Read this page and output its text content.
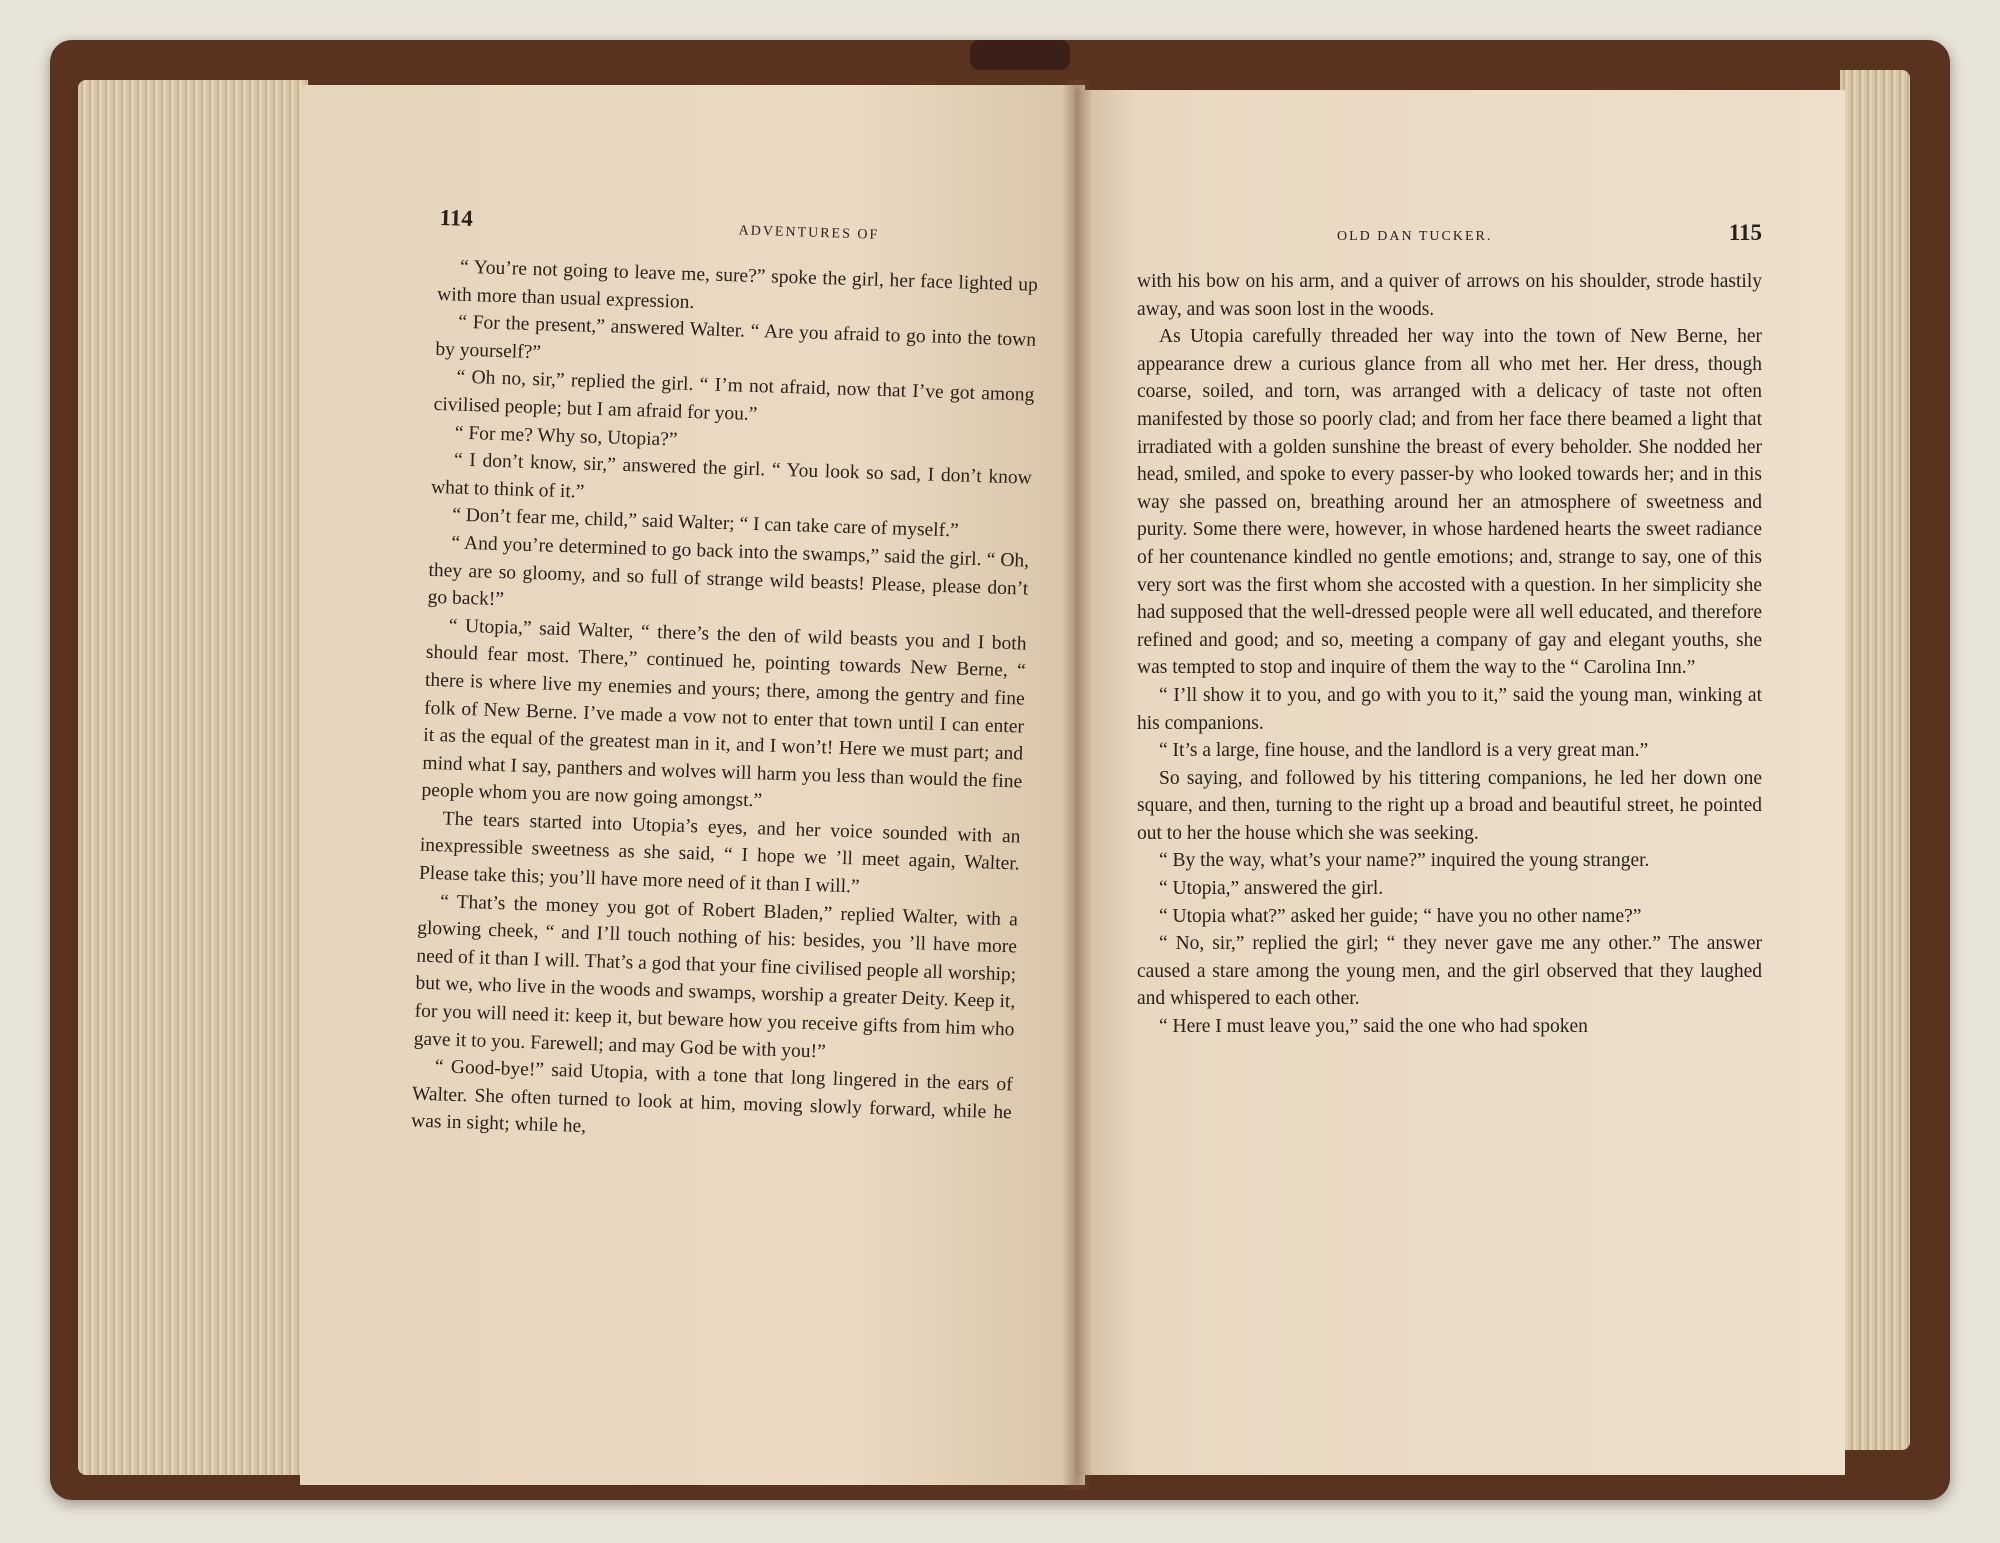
114
ADVENTURES OF

“ You’re not going to leave me, sure?” spoke the girl, her face lighted up with more than usual expression.

“ For the present,” answered Walter. “ Are you afraid to go into the town by yourself?”

“ Oh no, sir,” replied the girl. “ I’m not afraid, now that I’ve got among civilised people; but I am afraid for you.”

“ For me? Why so, Utopia?”

“ I don’t know, sir,” answered the girl. “ You look so sad, I don’t know what to think of it.”

“ Don’t fear me, child,” said Walter; “ I can take care of myself.”

“ And you’re determined to go back into the swamps,” said the girl. “ Oh, they are so gloomy, and so full of strange wild beasts! Please, please don’t go back!”

“ Utopia,” said Walter, “ there’s the den of wild beasts you and I both should fear most. There,” continued he, pointing towards New Berne, “ there is where live my enemies and yours; there, among the gentry and fine folk of New Berne. I’ve made a vow not to enter that town until I can enter it as the equal of the greatest man in it, and I won’t! Here we must part; and mind what I say, panthers and wolves will harm you less than would the fine people whom you are now going amongst.”

The tears started into Utopia’s eyes, and her voice sounded with an inexpressible sweetness as she said, “ I hope we ’ll meet again, Walter. Please take this; you’ll have more need of it than I will.”

“ That’s the money you got of Robert Bladen,” replied Walter, with a glowing cheek, “ and I’ll touch nothing of his: besides, you ’ll have more need of it than I will. That’s a god that your fine civilised people all worship; but we, who live in the woods and swamps, worship a greater Deity. Keep it, for you will need it: keep it, but beware how you receive gifts from him who gave it to you. Farewell; and may God be with you!”

“ Good-bye!” said Utopia, with a tone that long lingered in the ears of Walter. She often turned to look at him, moving slowly forward, while he was in sight; while he,

OLD DAN TUCKER.	115

with his bow on his arm, and a quiver of arrows on his shoulder, strode hastily away, and was soon lost in the woods.

As Utopia carefully threaded her way into the town of New Berne, her appearance drew a curious glance from all who met her. Her dress, though coarse, soiled, and torn, was arranged with a delicacy of taste not often manifested by those so poorly clad; and from her face there beamed a light that irradiated with a golden sunshine the breast of every beholder. She nodded her head, smiled, and spoke to every passer-by who looked towards her; and in this way she passed on, breathing around her an atmosphere of sweetness and purity. Some there were, however, in whose hardened hearts the sweet radiance of her countenance kindled no gentle emotions; and, strange to say, one of this very sort was the first whom she accosted with a question. In her simplicity she had supposed that the well-dressed people were all well educated, and therefore refined and good; and so, meeting a company of gay and elegant youths, she was tempted to stop and inquire of them the way to the “ Carolina Inn.”

“ I’ll show it to you, and go with you to it,” said the young man, winking at his companions.

“ It’s a large, fine house, and the landlord is a very great man.”

So saying, and followed by his tittering companions, he led her down one square, and then, turning to the right up a broad and beautiful street, he pointed out to her the house which she was seeking.

“ By the way, what’s your name?” inquired the young stranger.

“ Utopia,” answered the girl.

“ Utopia what?” asked her guide; “ have you no other name?”

“ No, sir,” replied the girl; “ they never gave me any other.” The answer caused a stare among the young men, and the girl observed that they laughed and whispered to each other.

“ Here I must leave you,” said the one who had spoken
